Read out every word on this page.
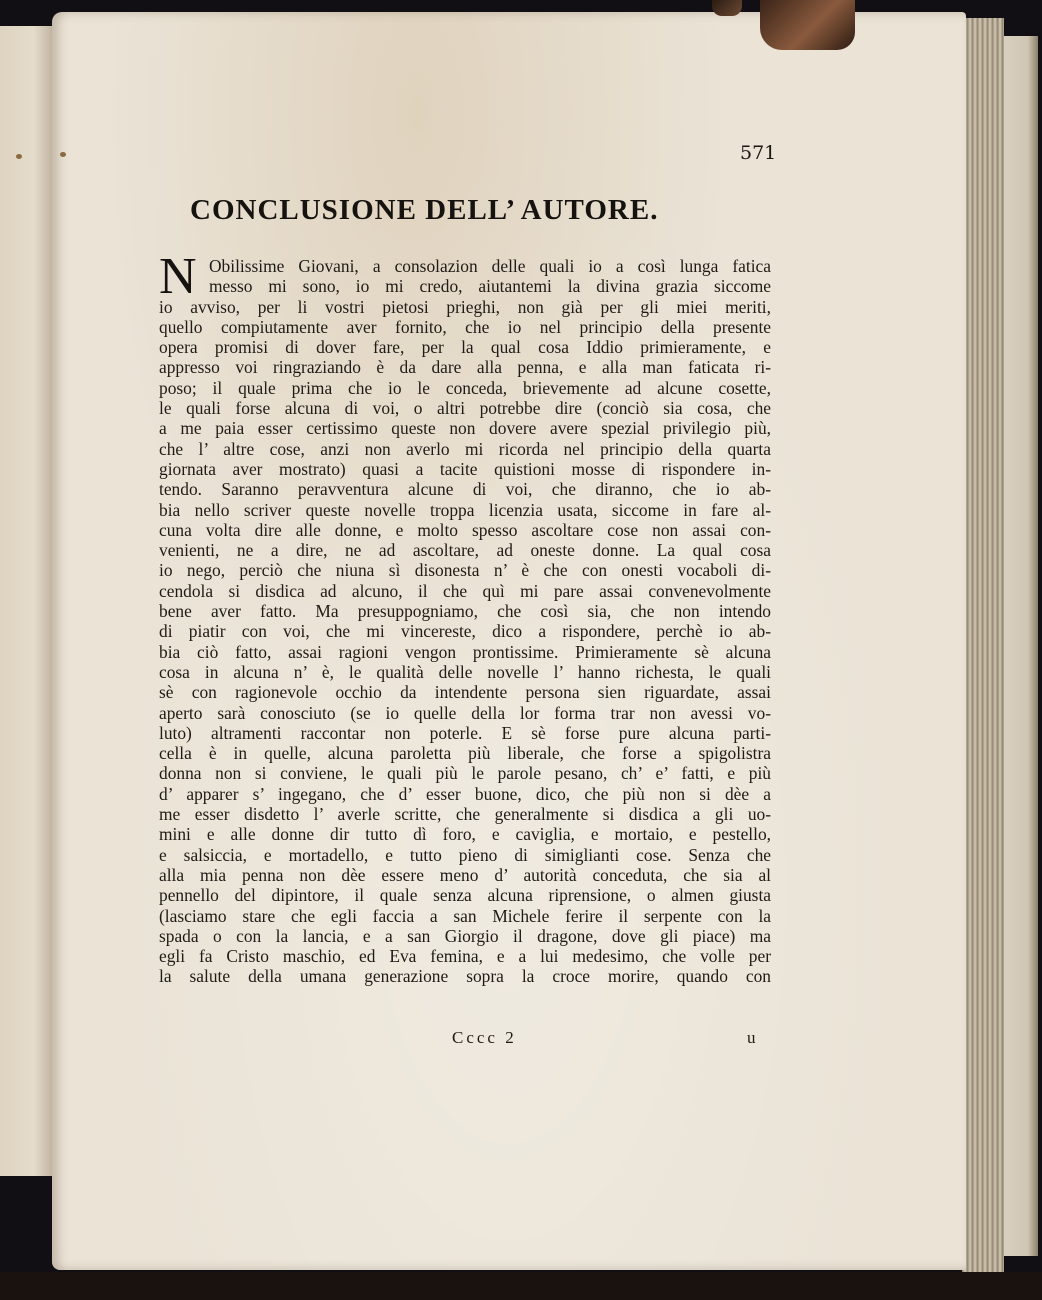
571
CONCLUSIONE DELL’ AUTORE.
N Obilissime Giovani, a consolazion delle quali io a così lunga fatica
messo mi sono, io mi credo, aiutantemi la divina grazia siccome
io avviso, per li vostri pietosi prieghi, non già per gli miei meriti,
quello compiutamente aver fornito, che io nel principio della presente
opera promisi di dover fare, per la qual cosa Iddio primieramente, e
appresso voi ringraziando è da dare alla penna, e alla man faticata ri-
poso; il quale prima che io le conceda, brievemente ad alcune cosette,
le quali forse alcuna di voi, o altri potrebbe dire (conciò sia cosa, che
a me paia esser certissimo queste non dovere avere spezial privilegio più,
che l’ altre cose, anzi non averlo mi ricorda nel principio della quarta
giornata aver mostrato) quasi a tacite quistioni mosse di rispondere in-
tendo. Saranno peravventura alcune di voi, che diranno, che io ab-
bia nello scriver queste novelle troppa licenzia usata, siccome in fare al-
cuna volta dire alle donne, e molto spesso ascoltare cose non assai con-
venienti, ne a dire, ne ad ascoltare, ad oneste donne. La qual cosa
io nego, perciò che niuna sì disonesta n’ è che con onesti vocaboli di-
cendola si disdica ad alcuno, il che quì mi pare assai convenevolmente
bene aver fatto. Ma presuppogniamo, che così sia, che non intendo
di piatir con voi, che mi vincereste, dico a rispondere, perchè io ab-
bia ciò fatto, assai ragioni vengon prontissime. Primieramente sè alcuna
cosa in alcuna n’ è, le qualità delle novelle l’ hanno richesta, le quali
sè con ragionevole occhio da intendente persona sien riguardate, assai
aperto sarà conosciuto (se io quelle della lor forma trar non avessi vo-
luto) altramenti raccontar non poterle. E sè forse pure alcuna parti-
cella è in quelle, alcuna paroletta più liberale, che forse a spigolistra
donna non si conviene, le quali più le parole pesano, ch’ e’ fatti, e più
d’ apparer s’ ingegano, che d’ esser buone, dico, che più non si dèe a
me esser disdetto l’ averle scritte, che generalmente si disdica a gli uo-
mini e alle donne dir tutto dì foro, e caviglia, e mortaio, e pestello,
e salsiccia, e mortadello, e tutto pieno di simiglianti cose. Senza che
alla mia penna non dèe essere meno d’ autorità conceduta, che sia al
pennello del dipintore, il quale senza alcuna riprensione, o almen giusta
(lasciamo stare che egli faccia a san Michele ferire il serpente con la
spada o con la lancia, e a san Giorgio il dragone, dove gli piace) ma
egli fa Cristo maschio, ed Eva femina, e a lui medesimo, che volle per
la salute della umana generazione sopra la croce morire, quando con
Cccc 2	u
